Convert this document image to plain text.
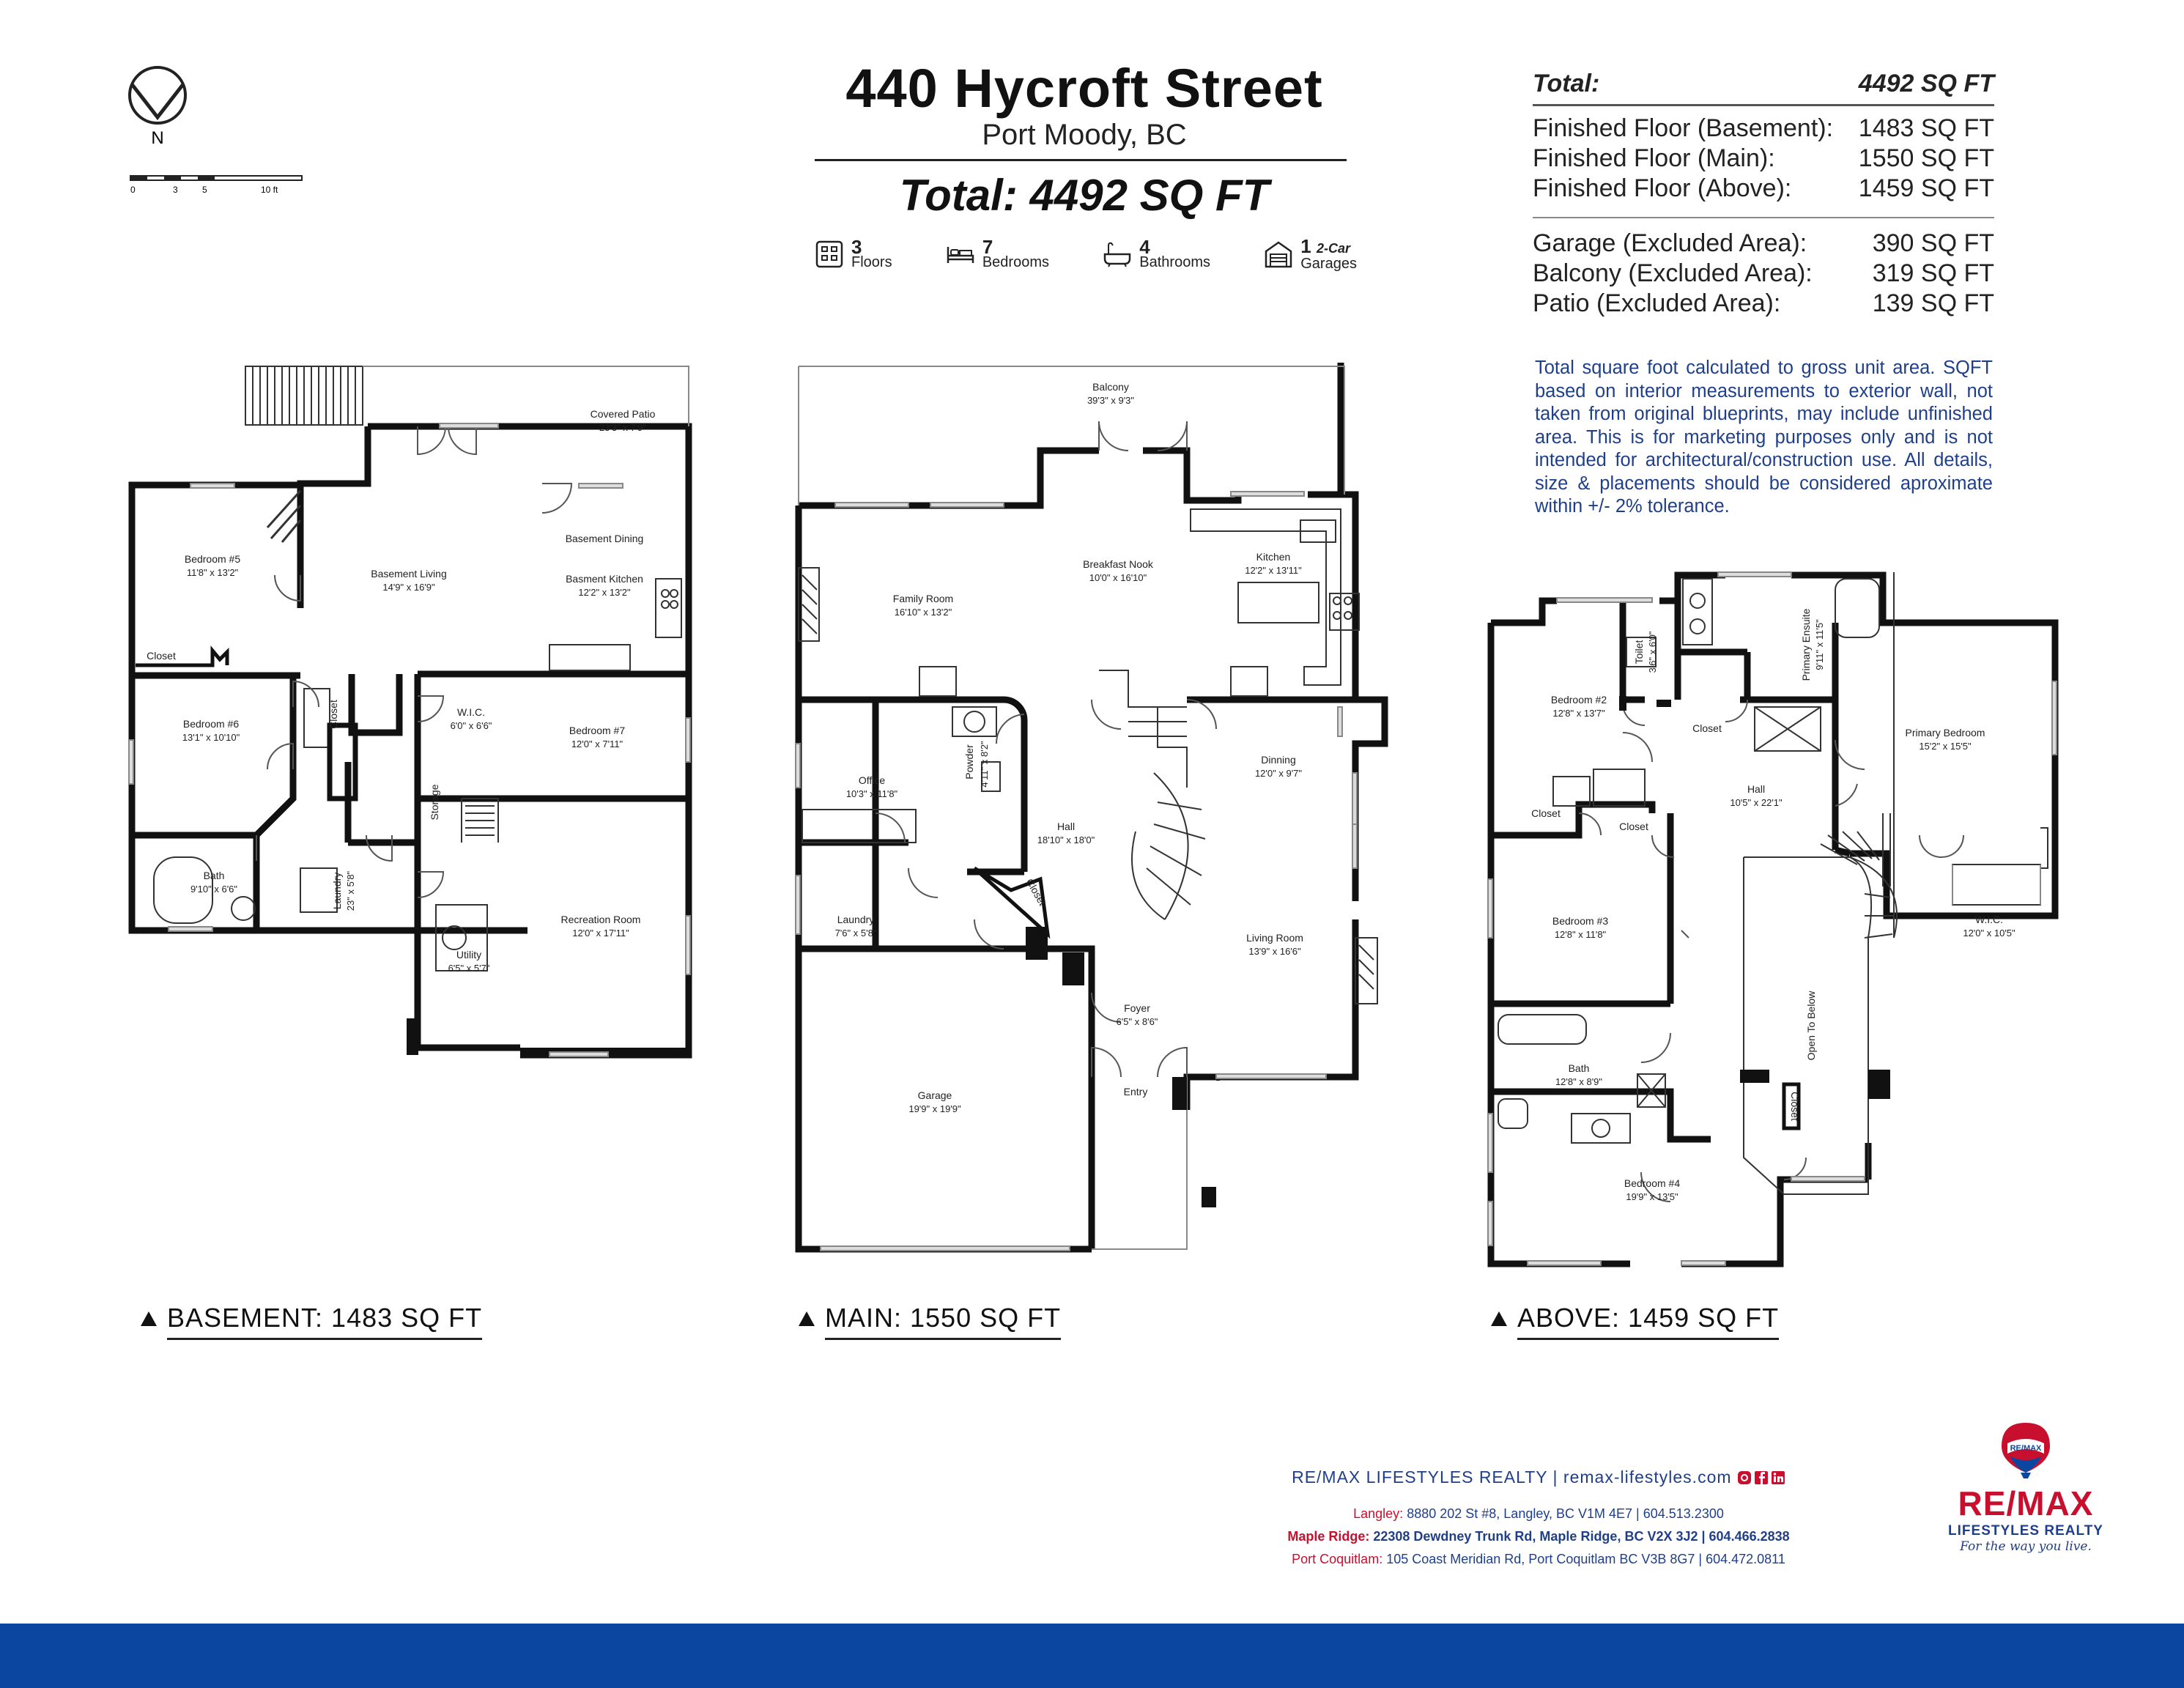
N
0	3	5	10 ft
440 Hycroft Street
Port Moody, BC
Total: 4492 SQ FT
3
Floors
7
Bedrooms
4
Bathrooms
1 2-Car
Garages
Total:	4492 SQ FT
Finished Floor (Basement): 1483 SQ FT
Finished Floor (Main):	1550 SQ FT
Finished Floor (Above):	1459 SQ FT
Garage (Excluded Area):	390 SQ FT
Balcony (Excluded Area): 319 SQ FT
Patio (Excluded Area):	139 SQ FT
Total square foot calculated to gross unit area. SQFT based on interior measurements to exterior wall, not taken from original blueprints, may include unfinished area. This is for marketing purposes only and is not intended for architectural/construction use. All details, size & placements should be considered aproximate within +/- 2% tolerance.
Covered Patio
23'3" x 7'9"
Bedroom #5
11'8" x 13'2"	Basement Living
14'9" x 16'9"
Basement Dining
Basment Kitchen
12'2" x 13'2"
Closet
Closet
Bedroom #6
13'1" x 10'10"
W.I.C.
6'0" x 6'6"	Bedroom #7
12'0" x 7'11"
Storage
Bath
9'10" x 6'6"	Laundry 23" x 5'8"
Utility
6'5" x 5'7"
Recreation Room
12'0" x 17'11"
Balcony
39'3" x 9'3"
Breakfast Nook
10'0" x 16'10"
Kitchen
12'2" x 13'11"
Family Room
16'10" x 13'2"
Office
10'3" x 11'8"
Powder 4'11" x 8'2"
Hall
18'10" x 18'0"
Dinning
12'0" x 9'7"
Laundry
7'6" x 5'8"
Closet
Living Room
13'9" x 16'6"
Foyer
6'5" x 8'6"
Entry
Garage
19'9" x 19'9"
Bedroom #2
12'8" x 13'7"
Toilet 3'6" x 6'0"	Primary Ensuite 9'11" x 11'5"
Primary Bedroom
15'2" x 15'5"
Closet
Hall
10'5" x 22'1"
Closet
Closet
W.I.C.
12'0" x 10'5"
Bedroom #3
12'8" x 11'8"
Open To Below
Bath
12'8" x 8'9"
Closet
Bedroom #4
19'9" x 13'5"
BASEMENT: 1483 SQ FT	MAIN: 1550 SQ FT	ABOVE: 1459 SQ FT
RE/MAX LIFESTYLES REALTY | remax-lifestyles.com
Langley: 8880 202 St #8, Langley, BC V1M 4E7 | 604.513.2300
Maple Ridge: 22308 Dewdney Trunk Rd, Maple Ridge, BC V2X 3J2 | 604.466.2838
Port Coquitlam: 105 Coast Meridian Rd, Port Coquitlam BC V3B 8G7 | 604.472.0811
RE/MAX
RE/MAX
LIFESTYLES REALTY
For the way you live.
